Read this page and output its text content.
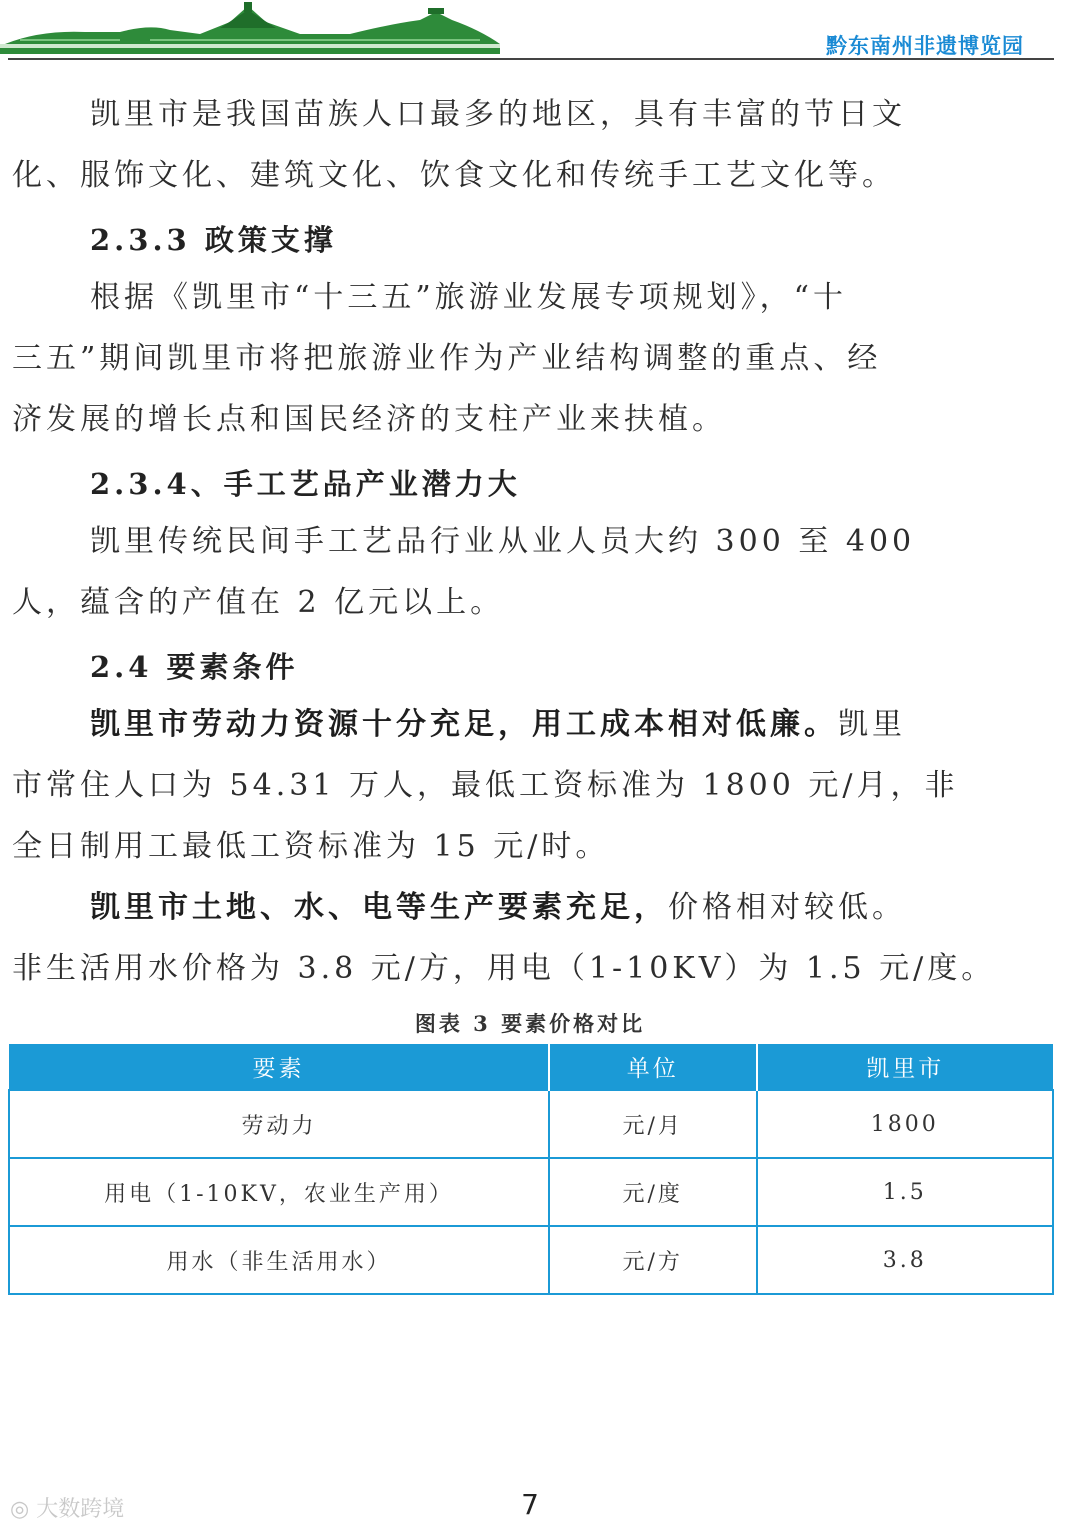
黔东南州非遗博览园
凯里市是我国苗族人口最多的地区，具有丰富的节日文
化、服饰文化、建筑文化、饮食文化和传统手工艺文化等。
2.3.3 政策支撑
根据《凯里市“十三五”旅游业发展专项规划》，“十
三五”期间凯里市将把旅游业作为产业结构调整的重点、经
济发展的增长点和国民经济的支柱产业来扶植。
2.3.4、手工艺品产业潜力大
凯里传统民间手工艺品行业从业人员大约 300 至 400
人，蕴含的产值在 2 亿元以上。
2.4 要素条件
凯里市劳动力资源十分充足，用工成本相对低廉。凯里
市常住人口为 54.31 万人，最低工资标准为 1800 元/月，非
全日制用工最低工资标准为 15 元/时。
凯里市土地、水、电等生产要素充足，价格相对较低。
非生活用水价格为 3.8 元/方，用电（1-10KV）为 1.5 元/度。
图表 3 要素价格对比
要素	单位	凯里市
劳动力	元/月	1800
用电（1-10KV，农业生产用）	元/度	1.5
用水（非生活用水）	元/方	3.8
◎ 大数跨境	7
